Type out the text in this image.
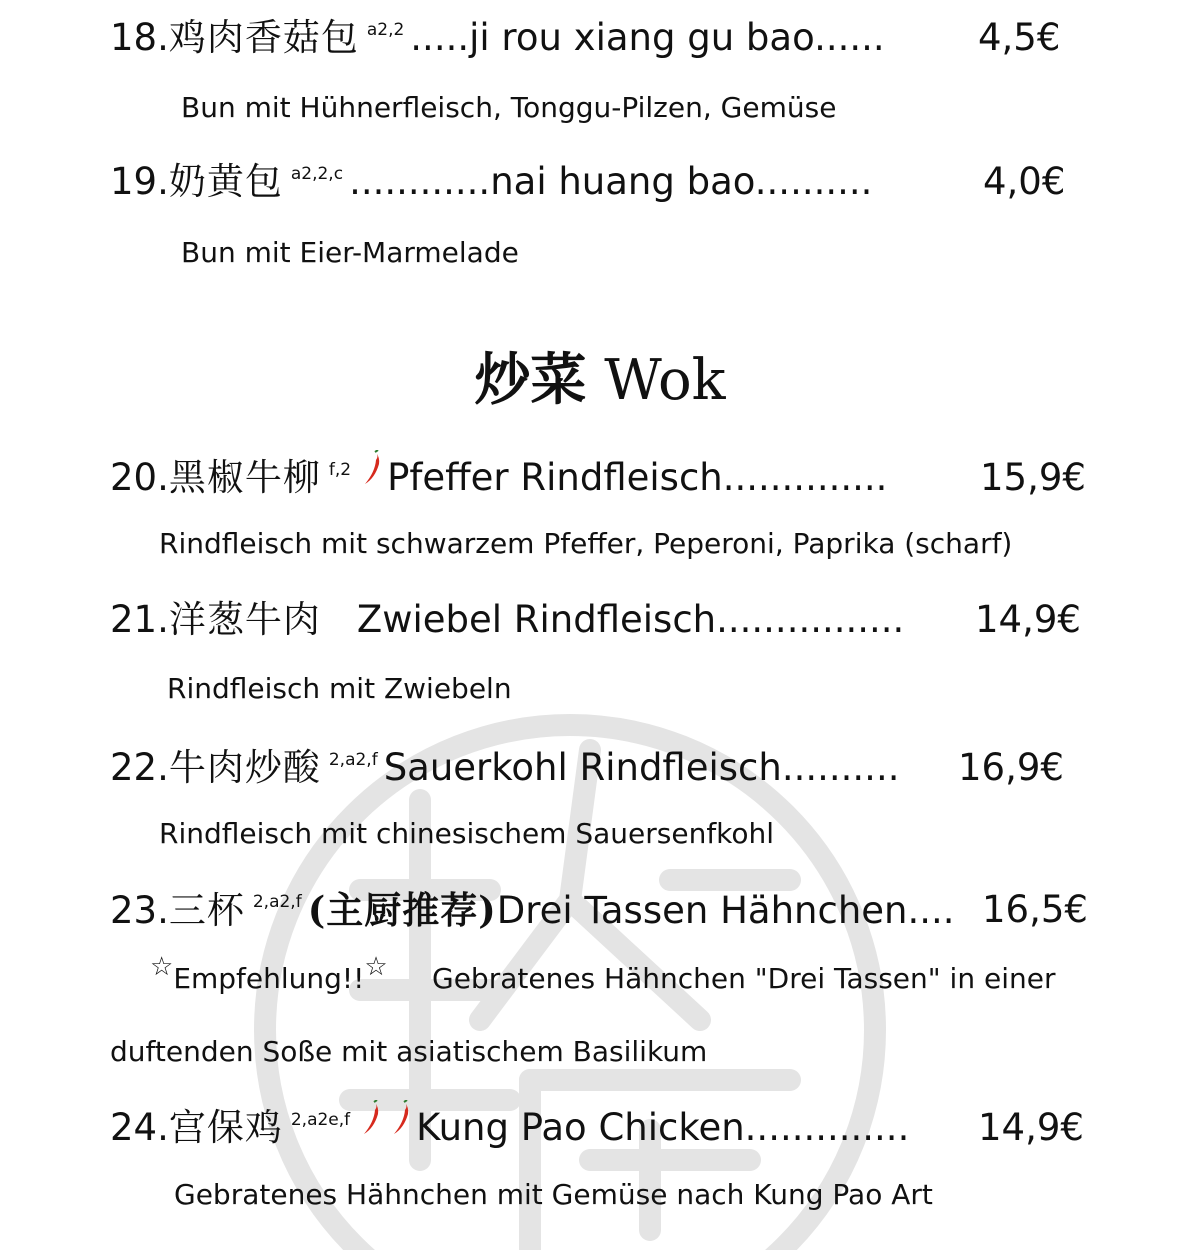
18.鸡肉香菇包 $^{a2,2}$ .....ji rou xiang gu bao......	4,5€
Bun mit Hühnerfleisch, Tonggu-Pilzen, Gemüse
19.奶黄包 $^{a2,2,c}$ ............nai huang bao..........	4,0€
Bun mit Eier-Marmelade
炒菜 Wok
20.黑椒牛柳 $^{f,2}$ Pfeffer Rindfleisch..............	15,9€
Rindfleisch mit schwarzem Pfeffer, Peperoni, Paprika (scharf)
21.洋葱牛肉 Zwiebel Rindfleisch................ 14,9€
Rindfleisch mit Zwiebeln
22.牛肉炒酸 $^{2,a2,f}$ Sauerkohl Rindfleisch.......... 16,9€
Rindfleisch mit chinesischem Sauersenfkohl
23.三杯 $^{2,a2,f}$ (主厨推荐)Drei Tassen Hähnchen.... 16,5€
☆Empfehlung!!☆ Gebratenes Hähnchen "Drei Tassen" in einer
duftenden Soße mit asiatischem Basilikum
24.宫保鸡 $^{2,a2e,f}$ Kung Pao Chicken.............. 14,9€
Gebratenes Hähnchen mit Gemüse nach Kung Pao Art
